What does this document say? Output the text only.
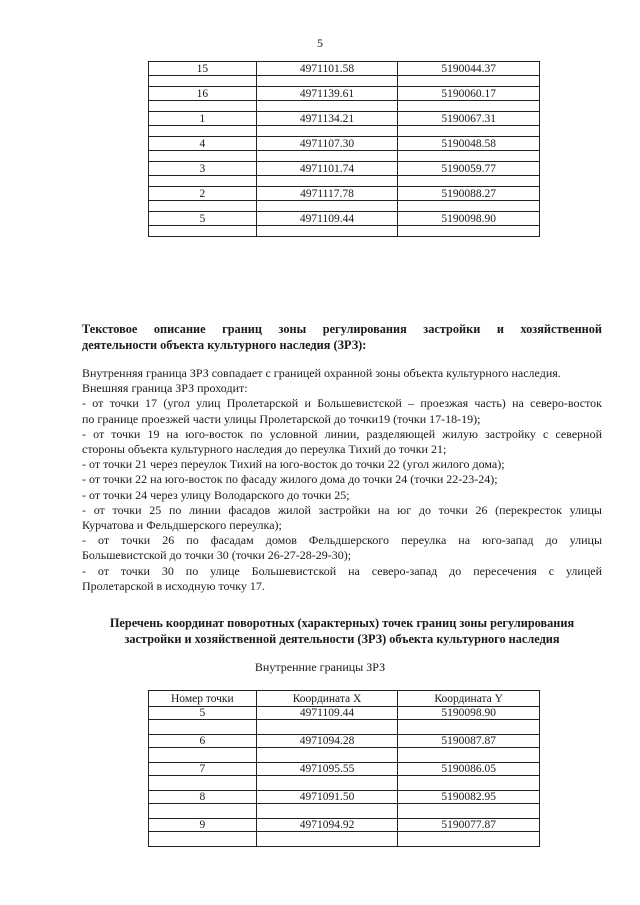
5
15	4971101.58	5190044.37

16	4971139.61	5190060.17

1	4971134.21	5190067.31

4	4971107.30	5190048.58

3	4971101.74	5190059.77

2	4971117.78	5190088.27

5	4971109.44	5190098.90

Текстовое описание границ зоны регулирования застройки и хозяйственной
деятельности объекта культурного наследия (ЗРЗ):

Внутренняя граница ЗРЗ совпадает с границей охранной зоны объекта культурного наследия.

Внешняя граница ЗРЗ проходит:

- от точки 17 (угол улиц Пролетарской и Большевистской – проезжая часть) на северо-восток

по границе проезжей части улицы Пролетарской до точки19 (точки 17-18-19);

- от точки 19 на юго-восток по условной линии, разделяющей жилую застройку с северной

стороны объекта культурного наследия до переулка Тихий до точки 21;

- от точки 21 через переулок Тихий на юго-восток до точки 22 (угол жилого дома);

- от точки 22 на юго-восток по фасаду жилого дома до точки 24 (точки 22-23-24);

- от точки 24 через улицу Володарского до точки 25;

- от точки 25 по линии фасадов жилой застройки на юг до точки 26 (перекресток улицы

Курчатова и Фельдшерского переулка);

- от точки 26 по фасадам домов Фельдшерского переулка на юго-запад до улицы

Большевистской до точки 30 (точки 26-27-28-29-30);

- от точки 30 по улице Большевистской на северо-запад до пересечения с улицей

Пролетарской в исходную точку 17.

Перечень координат поворотных (характерных) точек границ зоны регулирования
застройки и хозяйственной деятельности (ЗРЗ) объекта культурного наследия
Внутренние границы ЗРЗ
Номер точки	Координата X	Координата Y
5	4971109.44	5190098.90

6	4971094.28	5190087.87

7	4971095.55	5190086.05

8	4971091.50	5190082.95

9	4971094.92	5190077.87
